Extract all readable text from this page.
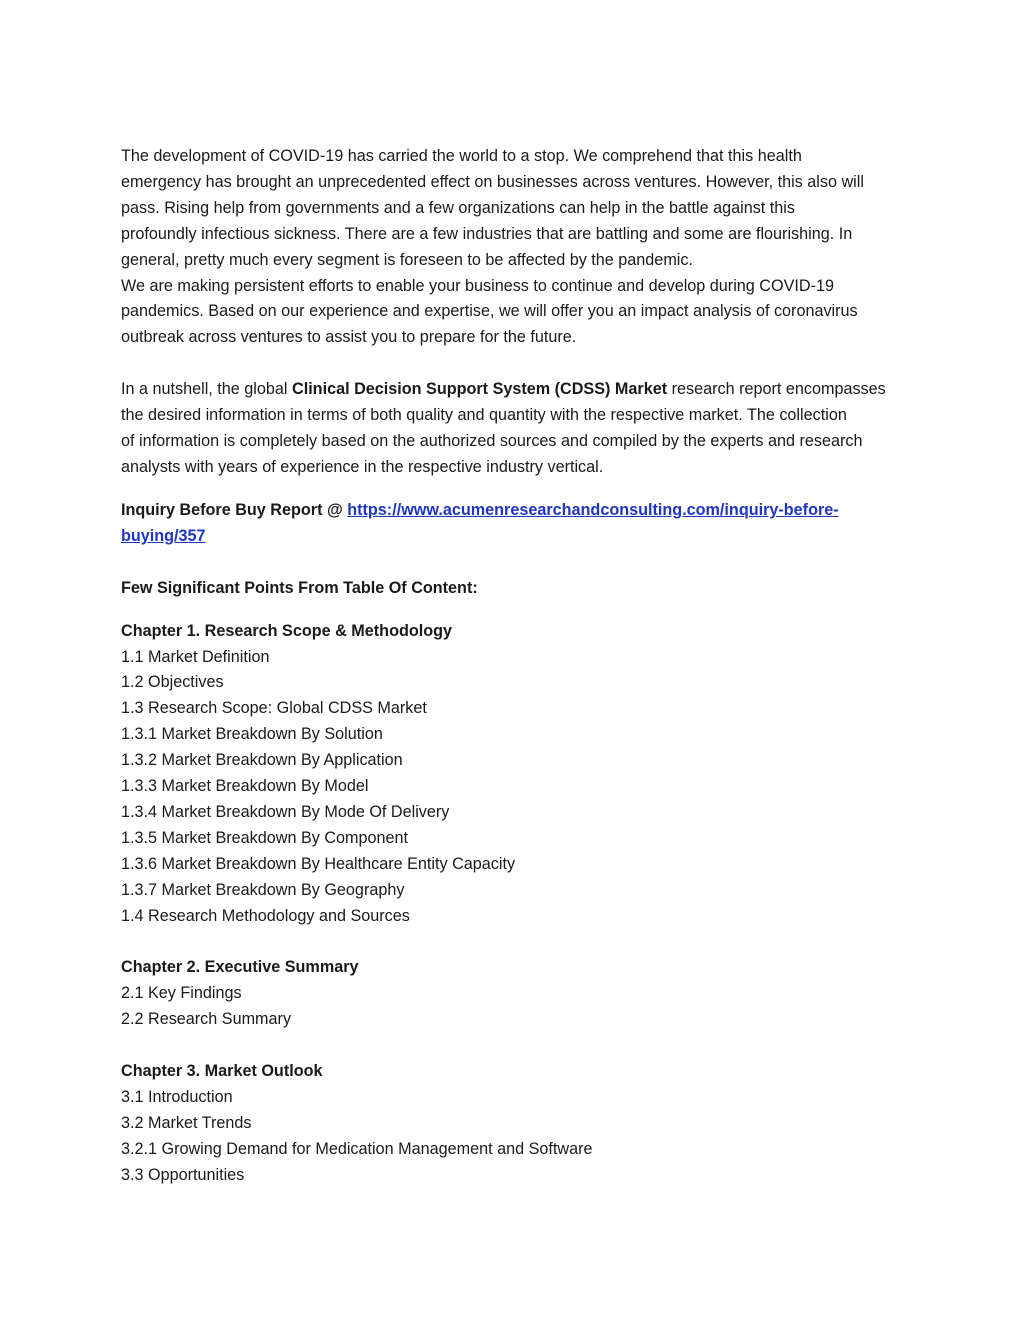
The development of COVID-19 has carried the world to a stop. We comprehend that this health
emergency has brought an unprecedented effect on businesses across ventures. However, this also will
pass. Rising help from governments and a few organizations can help in the battle against this
profoundly infectious sickness. There are a few industries that are battling and some are flourishing. In
general, pretty much every segment is foreseen to be affected by the pandemic.
We are making persistent efforts to enable your business to continue and develop during COVID-19
pandemics. Based on our experience and expertise, we will offer you an impact analysis of coronavirus
outbreak across ventures to assist you to prepare for the future.
In a nutshell, the global Clinical Decision Support System (CDSS) Market research report encompasses
the desired information in terms of both quality and quantity with the respective market. The collection
of information is completely based on the authorized sources and compiled by the experts and research
analysts with years of experience in the respective industry vertical.
Inquiry Before Buy Report @ https://www.acumenresearchandconsulting.com/inquiry-before-
buying/357
Few Significant Points From Table Of Content:
Chapter 1. Research Scope & Methodology
1.1 Market Definition
1.2 Objectives
1.3 Research Scope: Global CDSS Market
1.3.1 Market Breakdown By Solution
1.3.2 Market Breakdown By Application
1.3.3 Market Breakdown By Model
1.3.4 Market Breakdown By Mode Of Delivery
1.3.5 Market Breakdown By Component
1.3.6 Market Breakdown By Healthcare Entity Capacity
1.3.7 Market Breakdown By Geography
1.4 Research Methodology and Sources
Chapter 2. Executive Summary
2.1 Key Findings
2.2 Research Summary
Chapter 3. Market Outlook
3.1 Introduction
3.2 Market Trends
3.2.1 Growing Demand for Medication Management and Software
3.3 Opportunities
